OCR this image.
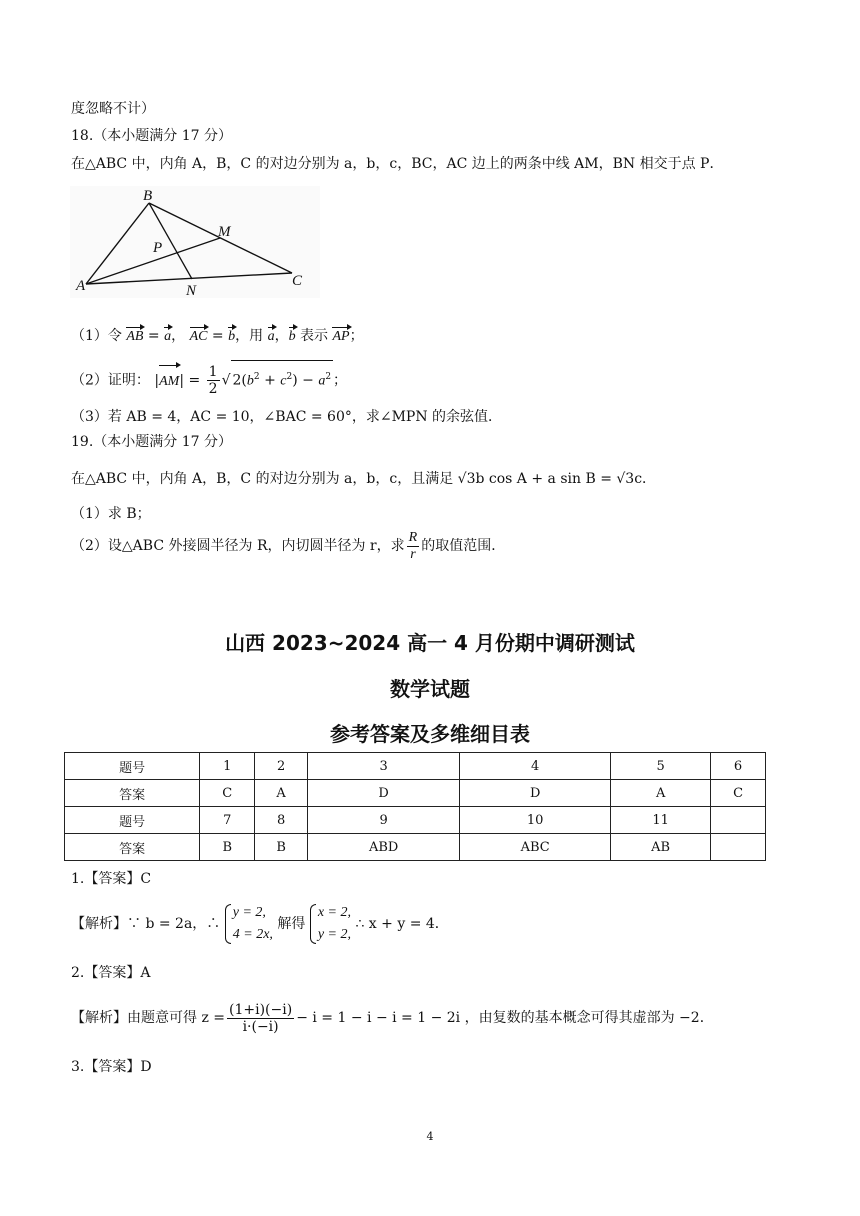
度忽略不计）
18.（本小题满分 17 分）
在△ABC 中，内角 A，B，C 的对边分别为 a，b，c，BC，AC 边上的两条中线 AM，BN 相交于点 P．
B
A	C
M
N
P
（1）令 AB = a， AC = b，用 a，b 表示 AP；
（2）证明： $|AM| = \frac{1}{2}$ √ $2(b^2 + c^2) - a^2$ ；
（3）若 AB = 4，AC = 10，∠BAC = 60°，求∠MPN 的余弦值．
19.（本小题满分 17 分）
在△ABC 中，内角 A，B，C 的对边分别为 a，b，c，且满足 √3b cos A + a sin B = √3c．
（1）求 B；
（2）设△ABC 外接圆半径为 R，内切圆半径为 r，求 $\frac{R}{r}$ 的取值范围．
山西 2023~2024 高一 4 月份期中调研测试
数学试题
参考答案及多维细目表
题号	1	2	3	4	5	6
答案	C	A	D	D	A	C
题号	7	8	9	10	11	
答案	B	B	ABD	ABC	AB	
1.【答案】C
【解析】∵ b = 2a，∴
y = 2,
4 = 2x,
解得
x = 2,
y = 2,
∴ x + y = 4．
2.【答案】A
【解析】由题意可得 $z = \frac{(1+i)(-i)}{i\cdot(-i)} - i = 1 - i - i = 1 - 2i$ ，由复数的基本概念可得其虚部为 −2．
3.【答案】D
4
